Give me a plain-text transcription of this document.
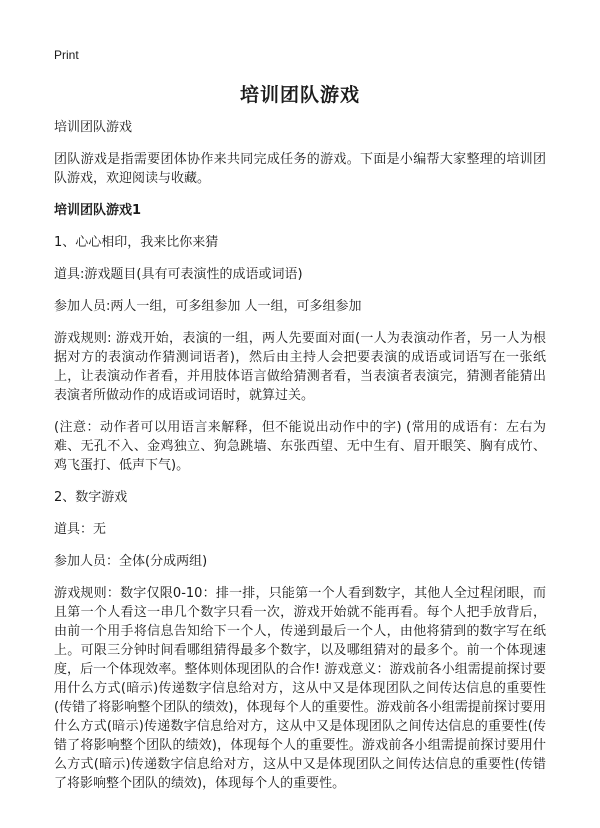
Print
培训团队游戏

培训团队游戏

团队游戏是指需要团体协作来共同完成任务的游戏。下面是小编帮大家整理的培训团队游戏，欢迎阅读与收藏。

培训团队游戏1

1、心心相印，我来比你来猜

道具:游戏题目(具有可表演性的成语或词语)

参加人员:两人一组，可多组参加 人一组，可多组参加

游戏规则: 游戏开始，表演的一组，两人先要面对面(一人为表演动作者，另一人为根据对方的表演动作猜测词语者)，然后由主持人会把要表演的成语或词语写在一张纸上，让表演动作者看，并用肢体语言做给猜测者看，当表演者表演完，猜测者能猜出表演者所做动作的成语或词语时，就算过关。

(注意：动作者可以用语言来解释，但不能说出动作中的字) (常用的成语有：左右为难、无孔不入、金鸡独立、狗急跳墙、东张西望、无中生有、眉开眼笑、胸有成竹、鸡飞蛋打、低声下气)。

2、数字游戏

道具：无

参加人员：全体(分成两组)

游戏规则：数字仅限0-10：排一排，只能第一个人看到数字，其他人全过程闭眼，而且第一个人看这一串几个数字只看一次，游戏开始就不能再看。每个人把手放背后，由前一个用手将信息告知给下一个人，传递到最后一个人，由他将猜到的数字写在纸上。可限三分钟时间看哪组猜得最多个数字，以及哪组猜对的最多个。前一个体现速度，后一个体现效率。整体则体现团队的合作! 游戏意义：游戏前各小组需提前探讨要用什么方式(暗示)传递数字信息给对方，这从中又是体现团队之间传达信息的重要性(传错了将影响整个团队的绩效)，体现每个人的重要性。游戏前各小组需提前探讨要用什么方式(暗示)传递数字信息给对方，这从中又是体现团队之间传达信息的重要性(传错了将影响整个团队的绩效)，体现每个人的重要性。游戏前各小组需提前探讨要用什么方式(暗示)传递数字信息给对方，这从中又是体现团队之间传达信息的重要性(传错了将影响整个团队的绩效)，体现每个人的重要性。
